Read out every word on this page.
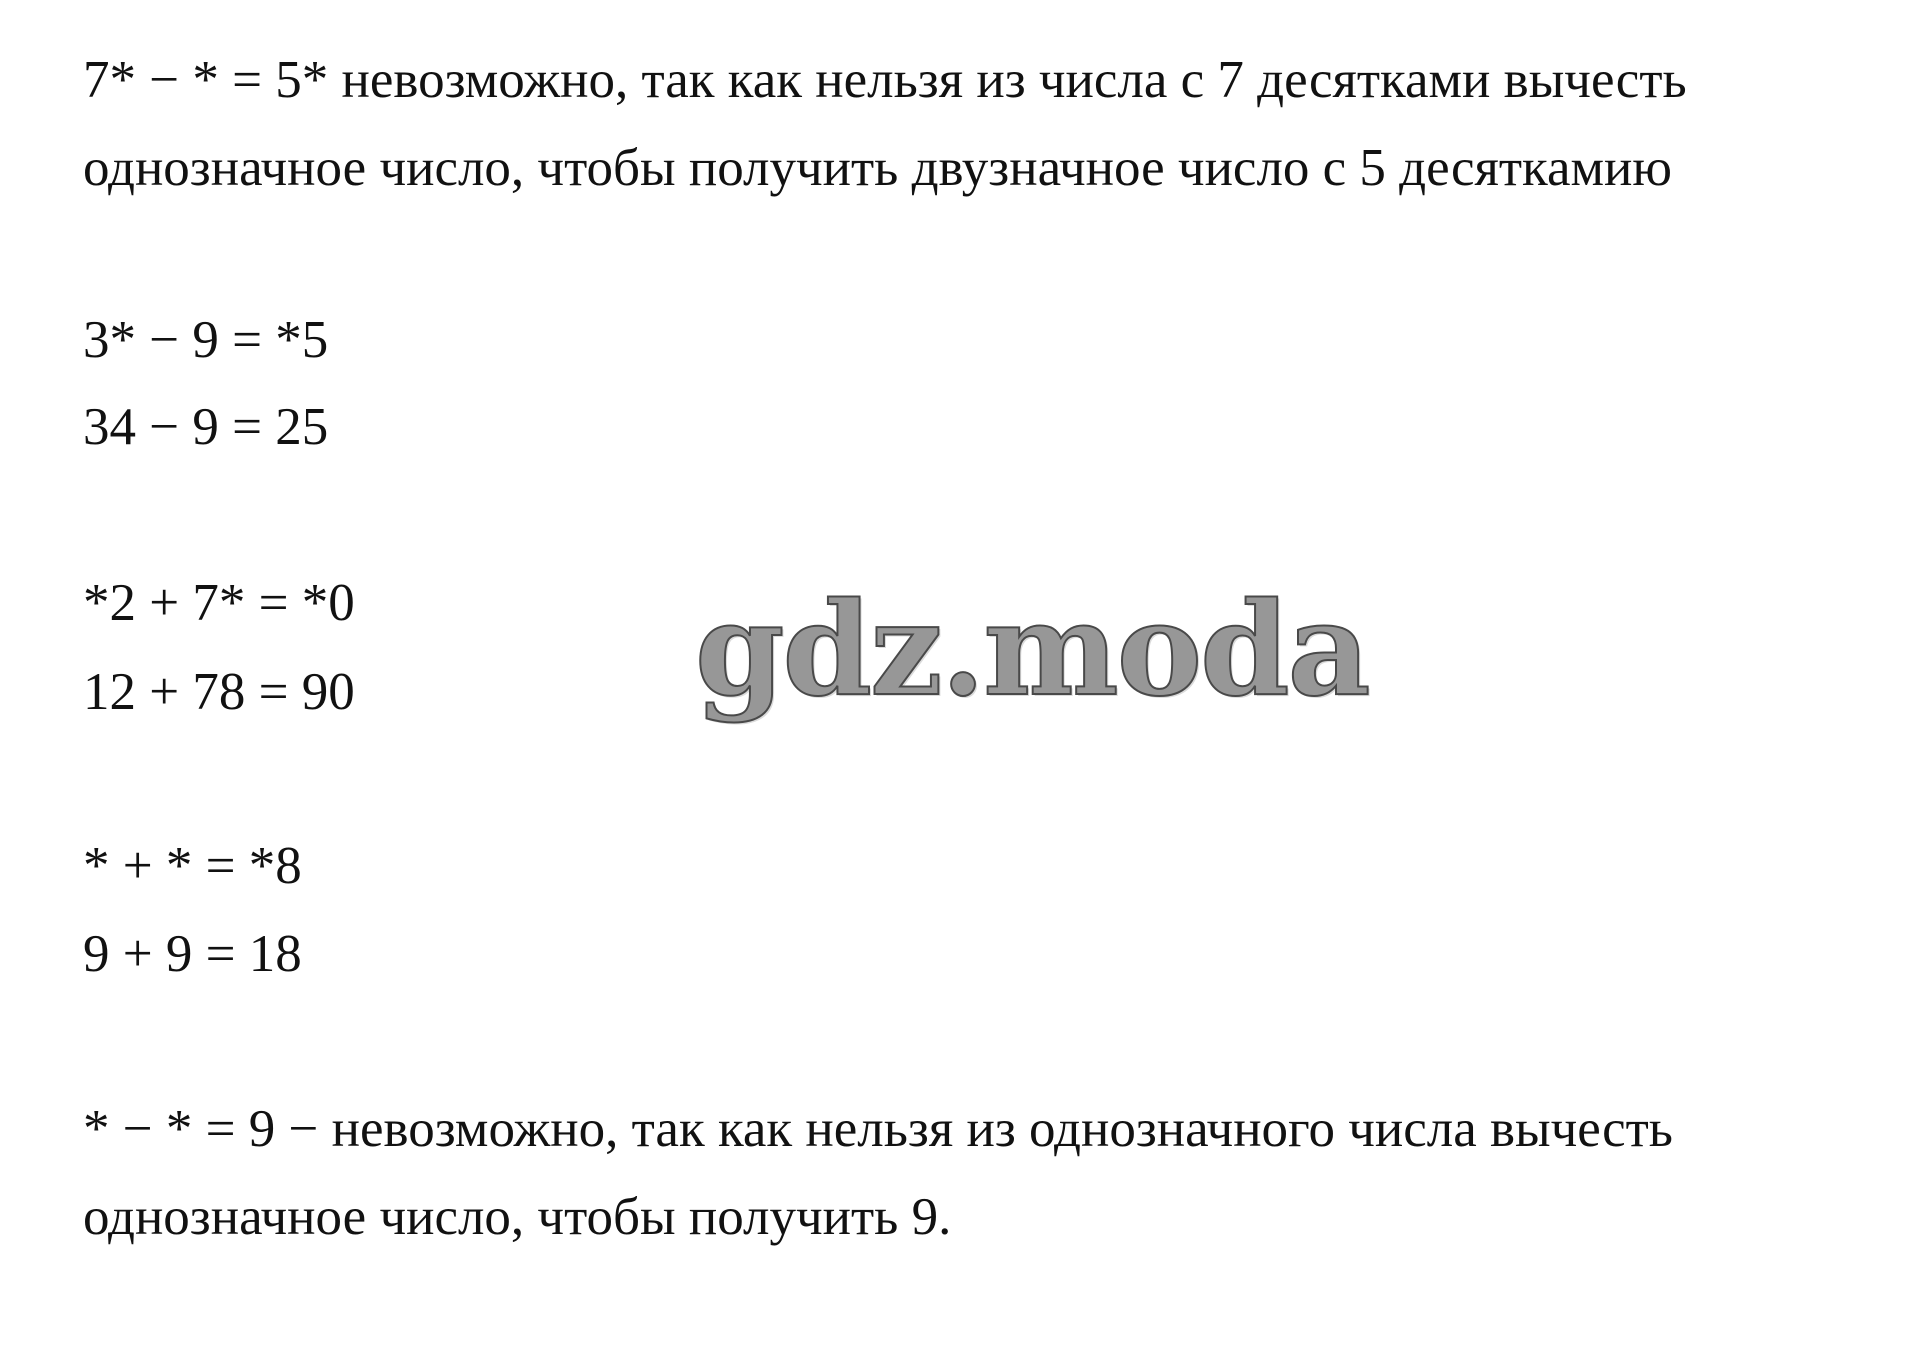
7* − * = 5* невозможно, так как нельзя из числа с 7 десятками вычесть

однозначное число, чтобы получить двузначное число с 5 десяткамию

3* − 9 = *5

34 − 9 = 25

*2 + 7* = *0

12 + 78 = 90

* + * = *8

9 + 9 = 18

* − * = 9 − невозможно, так как нельзя из однозначного числа вычесть

однозначное число, чтобы получить 9.

gdz.moda
